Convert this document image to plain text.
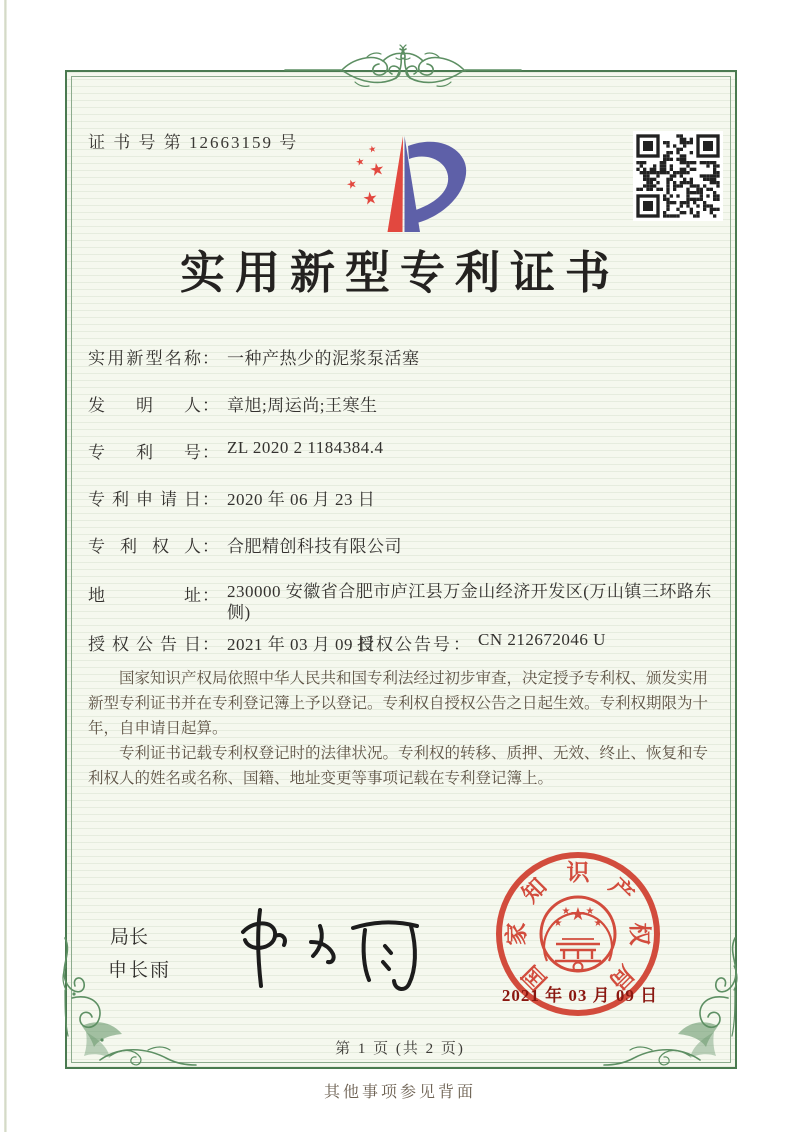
证 书 号 第 12663159 号	★
★ ★
★
★
实用新型专利证书
实用新型名称 ： 一种产热少的泥浆泵活塞
发明人 ： 章旭;周运尚;王寒生
专利号 ： ZL 2020 2 1184384.4
专利申请日 ： 2020 年 06 月 23 日
专利权人 ： 合肥精创科技有限公司
地址 ： 230000 安徽省合肥市庐江县万金山经济开发区(万山镇三环路东侧)
授权公告日 ： 2021 年 03 月 09 日
授权公告号 ： CN 212672046 U

国家知识产权局依照中华人民共和国专利法经过初步审查，决定授予专利权、颁发实用新型专利证书并在专利登记簿上予以登记。专利权自授权公告之日起生效。专利权期限为十年，自申请日起算。

专利证书记载专利权登记时的法律状况。专利权的转移、质押、无效、终止、恢复和专利权人的姓名或名称、国籍、地址变更等事项记载在专利登记簿上。

局长
申长雨	国
家
知
识
产
权
局
★
★
★ ★
★
2021 年 03 月 09 日
第 1 页 (共 2 页)
其他事项参见背面
